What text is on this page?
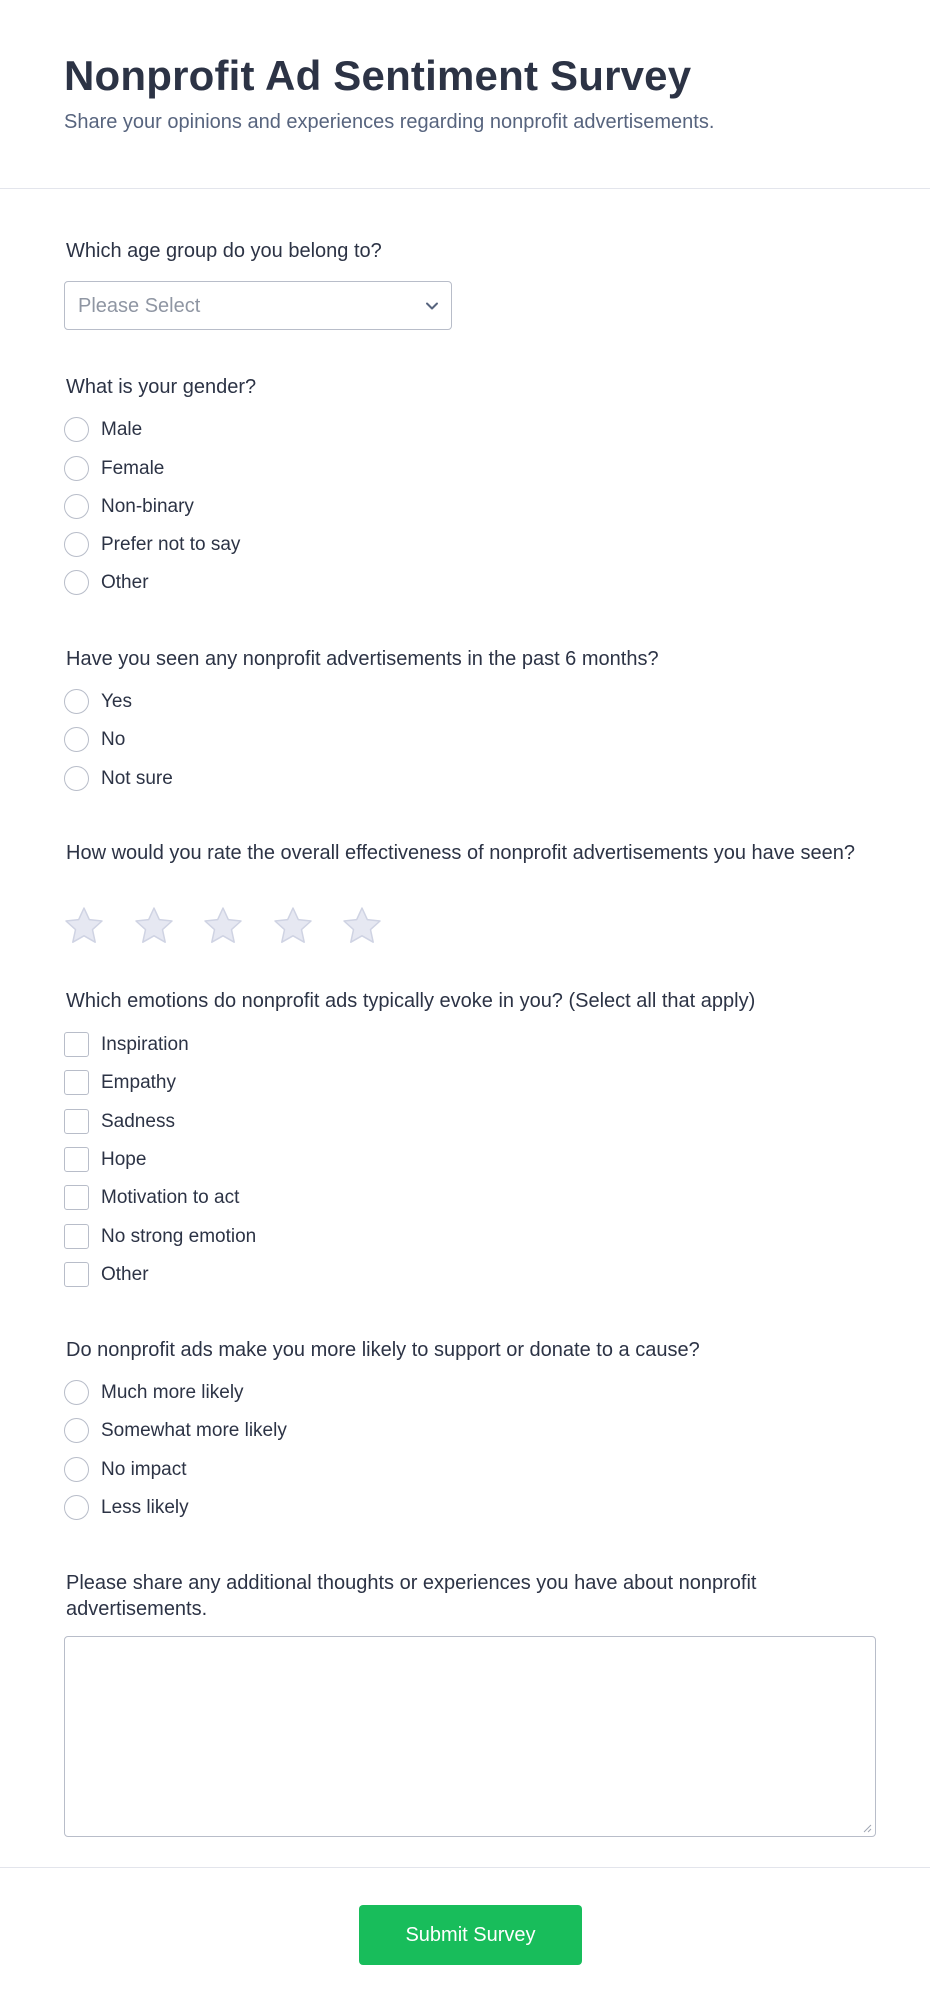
Nonprofit Ad Sentiment Survey
Share your opinions and experiences regarding nonprofit advertisements.
Which age group do you belong to?
Please Select
What is your gender?
Male
Female
Non-binary
Prefer not to say
Other
Have you seen any nonprofit advertisements in the past 6 months?
Yes
No
Not sure
How would you rate the overall effectiveness of nonprofit advertisements you have seen?
Which emotions do nonprofit ads typically evoke in you? (Select all that apply)
Inspiration
Empathy
Sadness
Hope
Motivation to act
No strong emotion
Other
Do nonprofit ads make you more likely to support or donate to a cause?
Much more likely
Somewhat more likely
No impact
Less likely
Please share any additional thoughts or experiences you have about nonprofit advertisements.
Submit Survey
